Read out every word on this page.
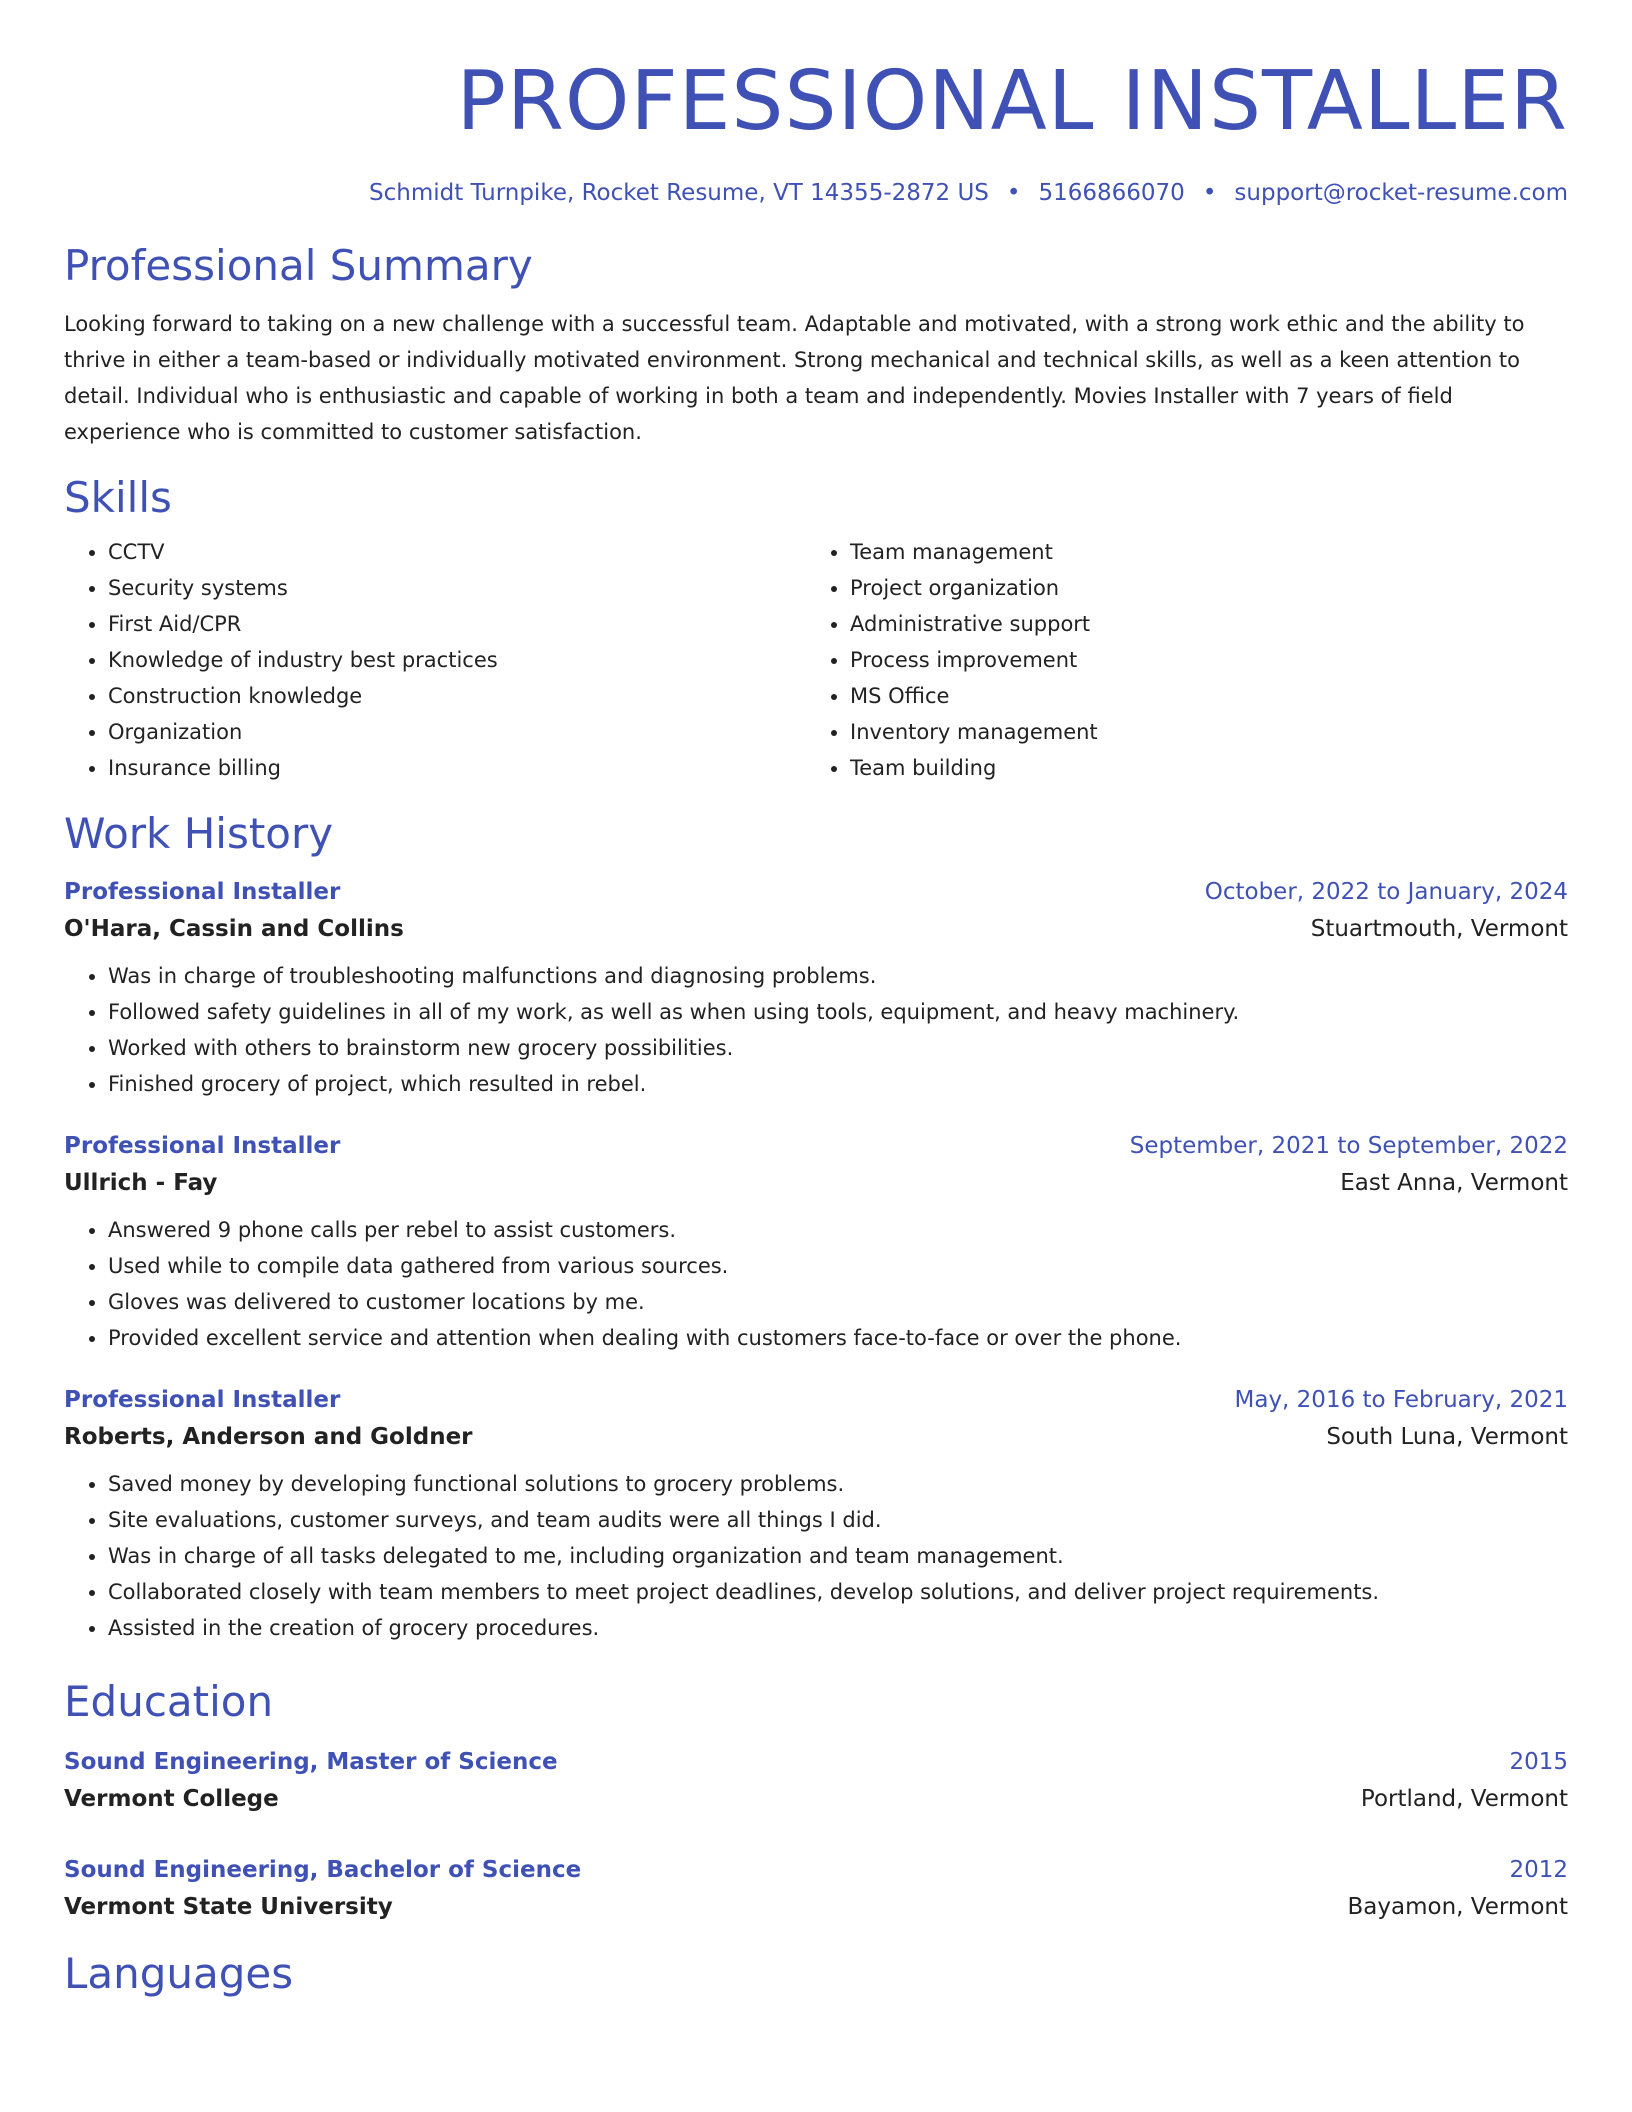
PROFESSIONAL INSTALLER
Schmidt Turnpike, Rocket Resume, VT 14355-2872 US • 5166866070 • support@rocket-resume.com
Professional Summary

Looking forward to taking on a new challenge with a successful team. Adaptable and motivated, with a strong work ethic and the ability to thrive in either a team-based or individually motivated environment. Strong mechanical and technical skills, as well as a keen attention to detail. Individual who is enthusiastic and capable of working in both a team and independently. Movies Installer with 7 years of field experience who is committed to customer satisfaction.

Skills
• CCTV
• Security systems
• First Aid/CPR
• Knowledge of industry best practices
• Construction knowledge
• Organization
• Insurance billing
• Team management
• Project organization
• Administrative support
• Process improvement
• MS Office
• Inventory management
• Team building
Work History
Professional Installer	October, 2022 to January, 2024
O'Hara, Cassin and Collins	Stuartmouth, Vermont
• Was in charge of troubleshooting malfunctions and diagnosing problems.
• Followed safety guidelines in all of my work, as well as when using tools, equipment, and heavy machinery.
• Worked with others to brainstorm new grocery possibilities.
• Finished grocery of project, which resulted in rebel.
Professional Installer	September, 2021 to September, 2022
Ullrich - Fay	East Anna, Vermont
• Answered 9 phone calls per rebel to assist customers.
• Used while to compile data gathered from various sources.
• Gloves was delivered to customer locations by me.
• Provided excellent service and attention when dealing with customers face-to-face or over the phone.
Professional Installer	May, 2016 to February, 2021
Roberts, Anderson and Goldner	South Luna, Vermont
• Saved money by developing functional solutions to grocery problems.
• Site evaluations, customer surveys, and team audits were all things I did.
• Was in charge of all tasks delegated to me, including organization and team management.
• Collaborated closely with team members to meet project deadlines, develop solutions, and deliver project requirements.
• Assisted in the creation of grocery procedures.
Education
Sound Engineering, Master of Science	2015
Vermont College	Portland, Vermont
Sound Engineering, Bachelor of Science	2012
Vermont State University	Bayamon, Vermont
Languages
